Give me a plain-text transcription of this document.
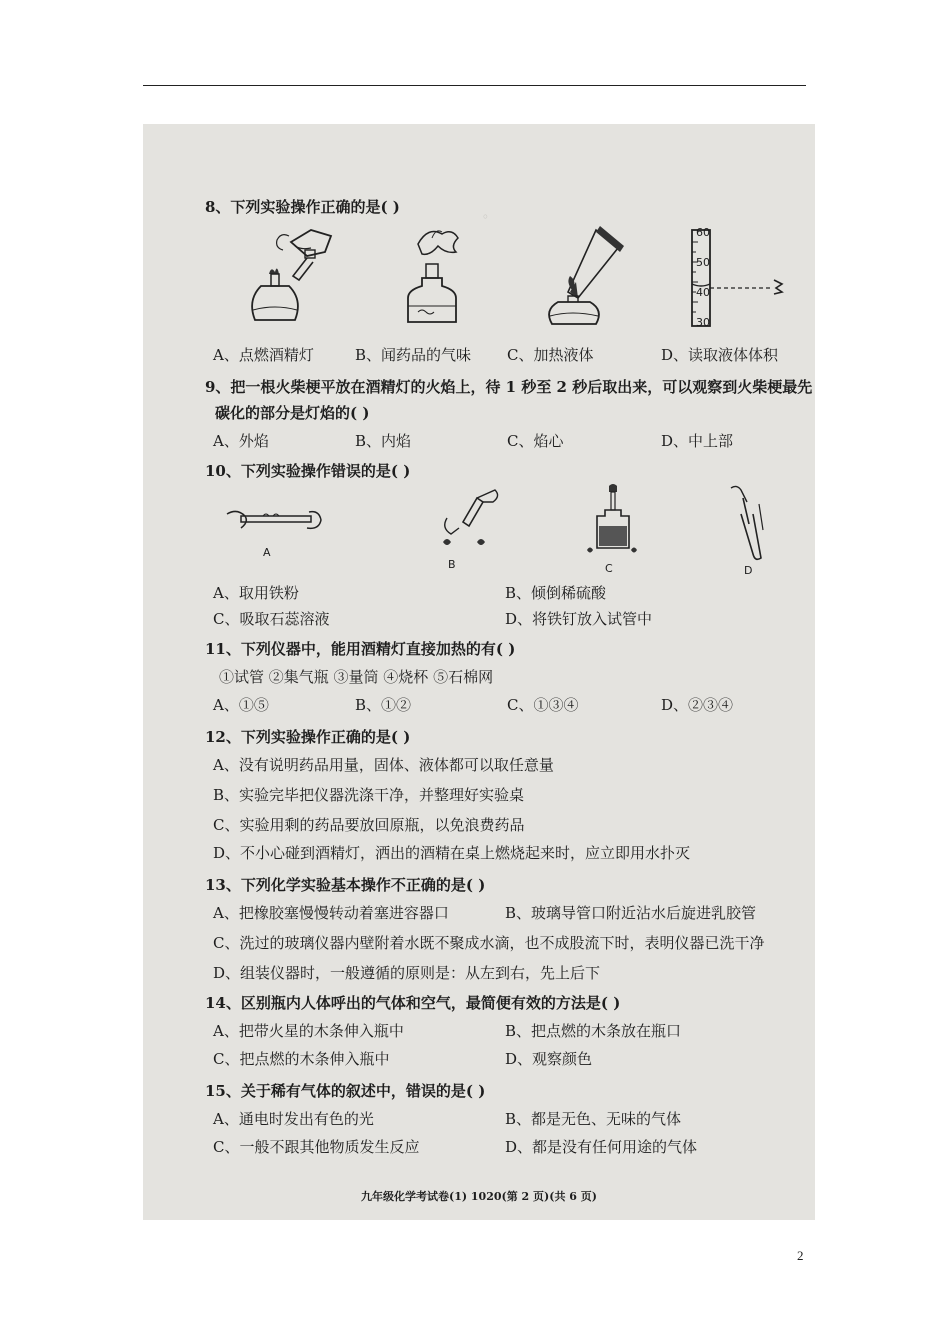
。
8、下列实验操作正确的是( )
60
50
40
30
A、点燃酒精灯	B、闻药品的气味 C、加热液体	D、读取液体体积
9、把一根火柴梗平放在酒精灯的火焰上，待 1 秒至 2 秒后取出来，可以观察到火柴梗最先
碳化的部分是灯焰的( )
A、外焰	B、内焰	C、焰心	D、中上部
10、下列实验操作错误的是( )
A
B	C	D
A、取用铁粉	B、倾倒稀硫酸
C、吸取石蕊溶液	D、将铁钉放入试管中
11、下列仪器中，能用酒精灯直接加热的有( )
①试管 ②集气瓶 ③量筒 ④烧杯 ⑤石棉网
A、①⑤	B、①②	C、①③④	D、②③④
12、下列实验操作正确的是( )
A、没有说明药品用量，固体、液体都可以取任意量
B、实验完毕把仪器洗涤干净，并整理好实验桌
C、实验用剩的药品要放回原瓶，以免浪费药品
D、不小心碰到酒精灯，洒出的酒精在桌上燃烧起来时，应立即用水扑灭
13、下列化学实验基本操作不正确的是( )
A、把橡胶塞慢慢转动着塞进容器口	B、玻璃导管口附近沾水后旋进乳胶管
C、洗过的玻璃仪器内壁附着水既不聚成水滴，也不成股流下时，表明仪器已洗干净
D、组装仪器时，一般遵循的原则是：从左到右，先上后下
14、区别瓶内人体呼出的气体和空气，最简便有效的方法是( )
A、把带火星的木条伸入瓶中	B、把点燃的木条放在瓶口
C、把点燃的木条伸入瓶中	D、观察颜色
15、关于稀有气体的叙述中，错误的是( )
A、通电时发出有色的光	B、都是无色、无味的气体
C、一般不跟其他物质发生反应	D、都是没有任何用途的气体
九年级化学考试卷(1) 1020(第 2 页)(共 6 页)
2
